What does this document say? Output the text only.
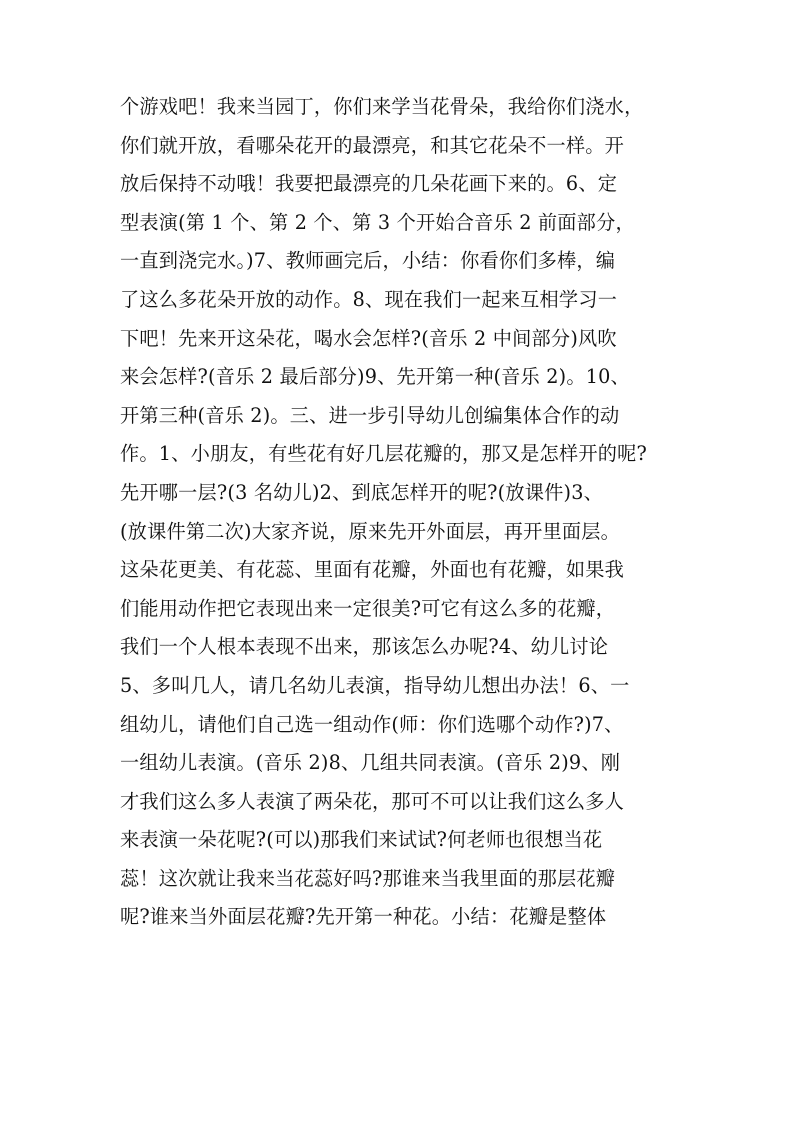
个游戏吧！我来当园丁，你们来学当花骨朵，我给你们浇水，
你们就开放，看哪朵花开的最漂亮，和其它花朵不一样。开
放后保持不动哦！我要把最漂亮的几朵花画下来的。6、定
型表演(第 1 个、第 2 个、第 3 个开始合音乐 2 前面部分，
一直到浇完水。)7、教师画完后，小结：你看你们多棒，编
了这么多花朵开放的动作。8、现在我们一起来互相学习一
下吧！先来开这朵花，喝水会怎样?(音乐 2 中间部分)风吹
来会怎样?(音乐 2 最后部分)9、先开第一种(音乐 2)。10、
开第三种(音乐 2)。三、进一步引导幼儿创编集体合作的动
作。1、小朋友，有些花有好几层花瓣的，那又是怎样开的呢?
先开哪一层?(3 名幼儿)2、到底怎样开的呢?(放课件)3、
(放课件第二次)大家齐说，原来先开外面层，再开里面层。
这朵花更美、有花蕊、里面有花瓣，外面也有花瓣，如果我
们能用动作把它表现出来一定很美?可它有这么多的花瓣，
我们一个人根本表现不出来，那该怎么办呢?4、幼儿讨论
5、多叫几人，请几名幼儿表演，指导幼儿想出办法！6、一
组幼儿，请他们自己选一组动作(师：你们选哪个动作?)7、
一组幼儿表演。(音乐 2)8、几组共同表演。(音乐 2)9、刚
才我们这么多人表演了两朵花，那可不可以让我们这么多人
来表演一朵花呢?(可以)那我们来试试?何老师也很想当花
蕊！这次就让我来当花蕊好吗?那谁来当我里面的那层花瓣
呢?谁来当外面层花瓣?先开第一种花。小结：花瓣是整体
